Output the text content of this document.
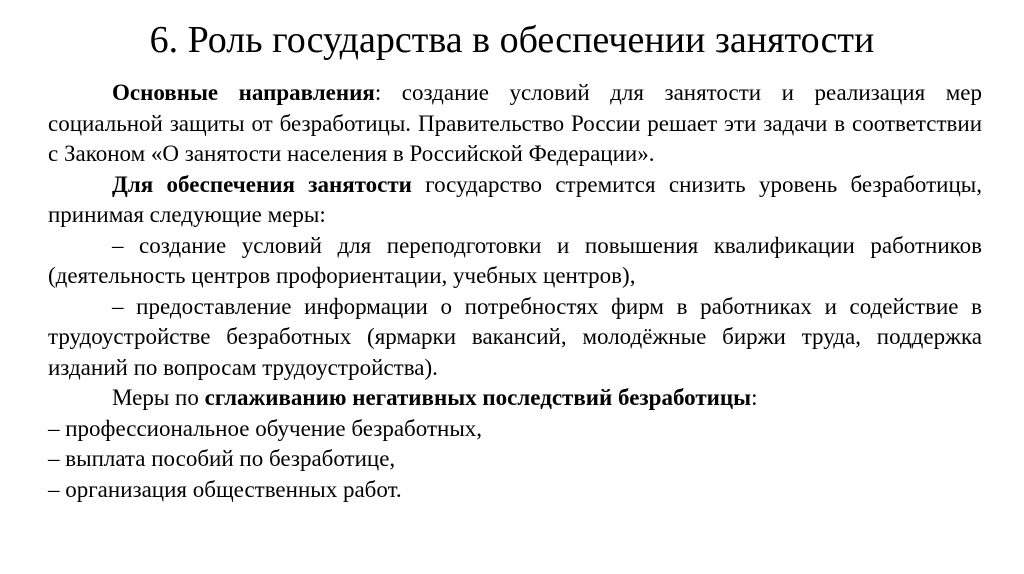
6. Роль государства в обеспечении занятости

Основные направления: создание условий для занятости и реализация мер социальной защиты от безработицы. Правительство России решает эти задачи в соответствии с Законом «О занятости населения в Российской Федерации».

Для обеспечения занятости государство стремится снизить уровень безработицы, принимая следующие меры:

– создание условий для переподготовки и повышения квалификации работников (деятельность центров профориентации, учебных центров),

– предоставление информации о потребностях фирм в работниках и содействие в трудоустройстве безработных (ярмарки вакансий, молодёжные биржи труда, поддержка изданий по вопросам трудоустройства).

Меры по сглаживанию негативных последствий безработицы:

– профессиональное обучение безработных,

– выплата пособий по безработице,

– организация общественных работ.
